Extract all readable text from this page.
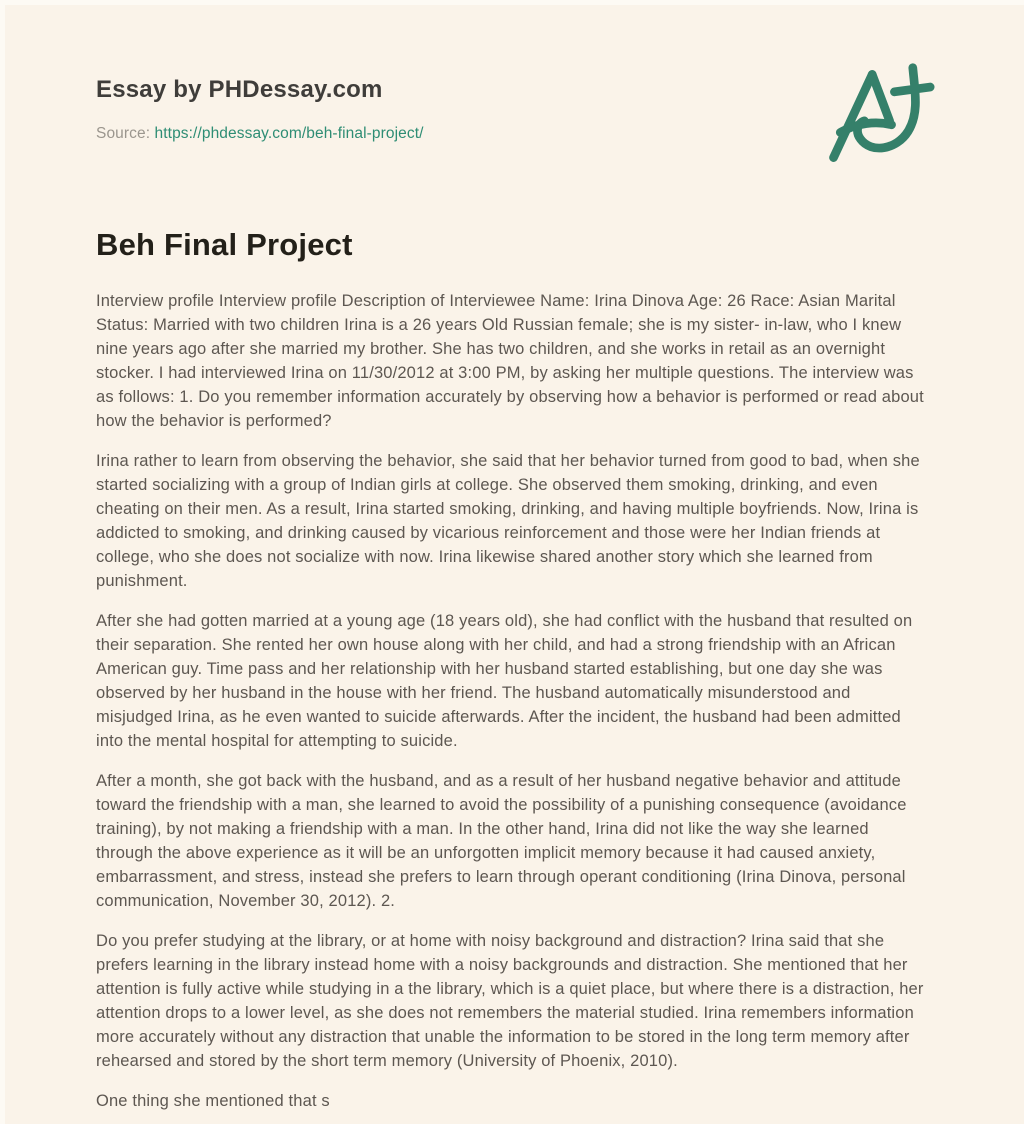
Essay by PHDessay.com
Source: https://phdessay.com/beh-final-project/
Beh Final Project

Interview profile Interview profile Description of Interviewee Name: Irina Dinova Age: 26 Race: Asian Marital Status: Married with two children Irina is a 26 years Old Russian female; she is my sister- in-law, who I knew nine years ago after she married my brother. She has two children, and she works in retail as an overnight stocker. I had interviewed Irina on 11/30/2012 at 3:00 PM, by asking her multiple questions. The interview was as follows: 1. Do you remember information accurately by observing how a behavior is performed or read about how the behavior is performed?

Irina rather to learn from observing the behavior, she said that her behavior turned from good to bad, when she started socializing with a group of Indian girls at college. She observed them smoking, drinking, and even cheating on their men. As a result, Irina started smoking, drinking, and having multiple boyfriends. Now, Irina is addicted to smoking, and drinking caused by vicarious reinforcement and those were her Indian friends at college, who she does not socialize with now. Irina likewise shared another story which she learned from punishment.

After she had gotten married at a young age (18 years old), she had conflict with the husband that resulted on their separation. She rented her own house along with her child, and had a strong friendship with an African American guy. Time pass and her relationship with her husband started establishing, but one day she was observed by her husband in the house with her friend. The husband automatically misunderstood and misjudged Irina, as he even wanted to suicide afterwards. After the incident, the husband had been admitted into the mental hospital for attempting to suicide.

After a month, she got back with the husband, and as a result of her husband negative behavior and attitude toward the friendship with a man, she learned to avoid the possibility of a punishing consequence (avoidance training), by not making a friendship with a man. In the other hand, Irina did not like the way she learned through the above experience as it will be an unforgotten implicit memory because it had caused anxiety, embarrassment, and stress, instead she prefers to learn through operant conditioning (Irina Dinova, personal communication, November 30, 2012). 2.

Do you prefer studying at the library, or at home with noisy background and distraction? Irina said that she prefers learning in the library instead home with a noisy backgrounds and distraction. She mentioned that her attention is fully active while studying in a the library, which is a quiet place, but where there is a distraction, her attention drops to a lower level, as she does not remembers the material studied. Irina remembers information more accurately without any distraction that unable the information to be stored in the long term memory after rehearsed and stored by the short term memory (University of Phoenix, 2010).

One thing she mentioned that s
